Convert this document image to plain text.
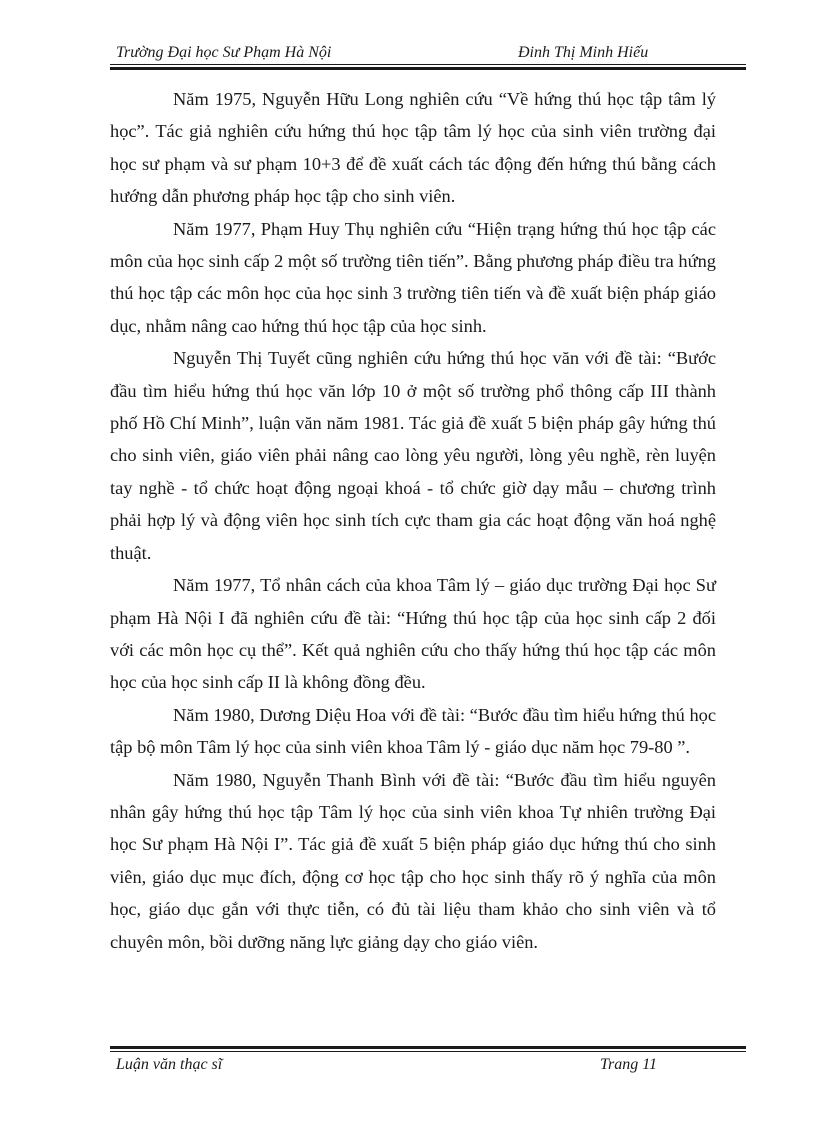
Trường Đại học Sư Phạm Hà Nội	Đinh Thị Minh Hiếu

Năm 1975, Nguyễn Hữu Long nghiên cứu “Về hứng thú học tập tâm lý học”. Tác giả nghiên cứu hứng thú học tập tâm lý học của sinh viên trường đại học sư phạm và sư phạm 10+3 để đề xuất cách tác động đến hứng thú bằng cách hướng dẫn phương pháp học tập cho sinh viên.

Năm 1977, Phạm Huy Thụ nghiên cứu “Hiện trạng hứng thú học tập các môn của học sinh cấp 2 một số trường tiên tiến”. Bằng phương pháp điều tra hứng thú học tập các môn học của học sinh 3 trường tiên tiến và đề xuất biện pháp giáo dục, nhằm nâng cao hứng thú học tập của học sinh.

Nguyễn Thị Tuyết cũng nghiên cứu hứng thú học văn với đề tài: “Bước đầu tìm hiểu hứng thú học văn lớp 10 ở một số trường phổ thông cấp III thành phố Hồ Chí Minh”, luận văn năm 1981. Tác giả đề xuất 5 biện pháp gây hứng thú cho sinh viên, giáo viên phải nâng cao lòng yêu người, lòng yêu nghề, rèn luyện tay nghề - tổ chức hoạt động ngoại khoá - tổ chức giờ dạy mẫu – chương trình phải hợp lý và động viên học sinh tích cực tham gia các hoạt động văn hoá nghệ thuật.

Năm 1977, Tổ nhân cách của khoa Tâm lý – giáo dục trường Đại học Sư phạm Hà Nội I đã nghiên cứu đề tài: “Hứng thú học tập của học sinh cấp 2 đối với các môn học cụ thể”. Kết quả nghiên cứu cho thấy hứng thú học tập các môn học của học sinh cấp II là không đồng đều.

Năm 1980, Dương Diệu Hoa với đề tài: “Bước đầu tìm hiểu hứng thú học tập bộ môn Tâm lý học của sinh viên khoa Tâm lý - giáo dục năm học 79-80 ”.

Năm 1980, Nguyễn Thanh Bình với đề tài: “Bước đầu tìm hiểu nguyên nhân gây hứng thú học tập Tâm lý học của sinh viên khoa Tự nhiên trường Đại học Sư phạm Hà Nội I”. Tác giả đề xuất 5 biện pháp giáo dục hứng thú cho sinh viên, giáo dục mục đích, động cơ học tập cho học sinh thấy rõ ý nghĩa của môn học, giáo dục gắn với thực tiễn, có đủ tài liệu tham khảo cho sinh viên và tổ chuyên môn, bồi dưỡng năng lực giảng dạy cho giáo viên.

Luận văn thạc sĩ	Trang 11
